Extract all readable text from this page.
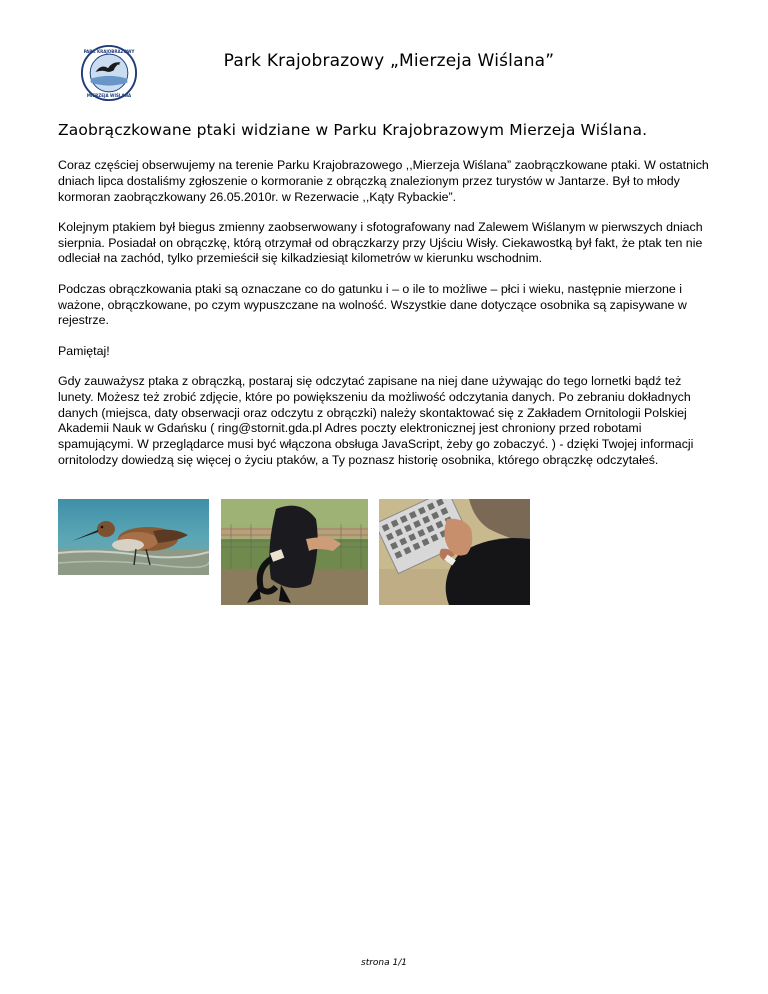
PARK KRAJOBRAZOWY
MIERZEJA WIŚLANA
Park Krajobrazowy „Mierzeja Wiślana”
Zaobrączkowane ptaki widziane w Parku Krajobrazowym Mierzeja Wiślana.

Coraz częściej obserwujemy na terenie Parku Krajobrazowego ,,Mierzeja Wiślana” zaobrączkowane ptaki. W ostatnich dniach lipca dostaliśmy zgłoszenie o kormoranie z obrączką znalezionym przez turystów w Jantarze. Był to młody kormoran zaobrączkowany 26.05.2010r. w Rezerwacie ,,Kąty Rybackie”.

Kolejnym ptakiem był biegus zmienny zaobserwowany i sfotografowany nad Zalewem Wiślanym w pierwszych dniach sierpnia. Posiadał on obrączkę, którą otrzymał od obrączkarzy przy Ujściu Wisły. Ciekawostką był fakt, że ptak ten nie odleciał na zachód, tylko przemieścił się kilkadziesiąt kilometrów w kierunku wschodnim.

Podczas obrączkowania ptaki są oznaczane co do gatunku i – o ile to możliwe – płci i wieku, następnie mierzone i ważone, obrączkowane, po czym wypuszczane na wolność. Wszystkie dane dotyczące osobnika są zapisywane w rejestrze.

Pamiętaj!

Gdy zauważysz ptaka z obrączką, postaraj się odczytać zapisane na niej dane używając do tego lornetki bądź też lunety. Możesz też zrobić zdjęcie, które po powiększeniu da możliwość odczytania danych. Po zebraniu dokładnych danych (miejsca, daty obserwacji oraz odczytu z obrączki) należy skontaktować się z Zakładem Ornitologii Polskiej Akademii Nauk w Gdańsku ( ring@stornit.gda.pl Adres poczty elektronicznej jest chroniony przed robotami spamującymi. W przeglądarce musi być włączona obsługa JavaScript, żeby go zobaczyć. ) - dzięki Twojej informacji ornitolodzy dowiedzą się więcej o życiu ptaków, a Ty poznasz historię osobnika, którego obrączkę odczytałeś.

strona 1/1
